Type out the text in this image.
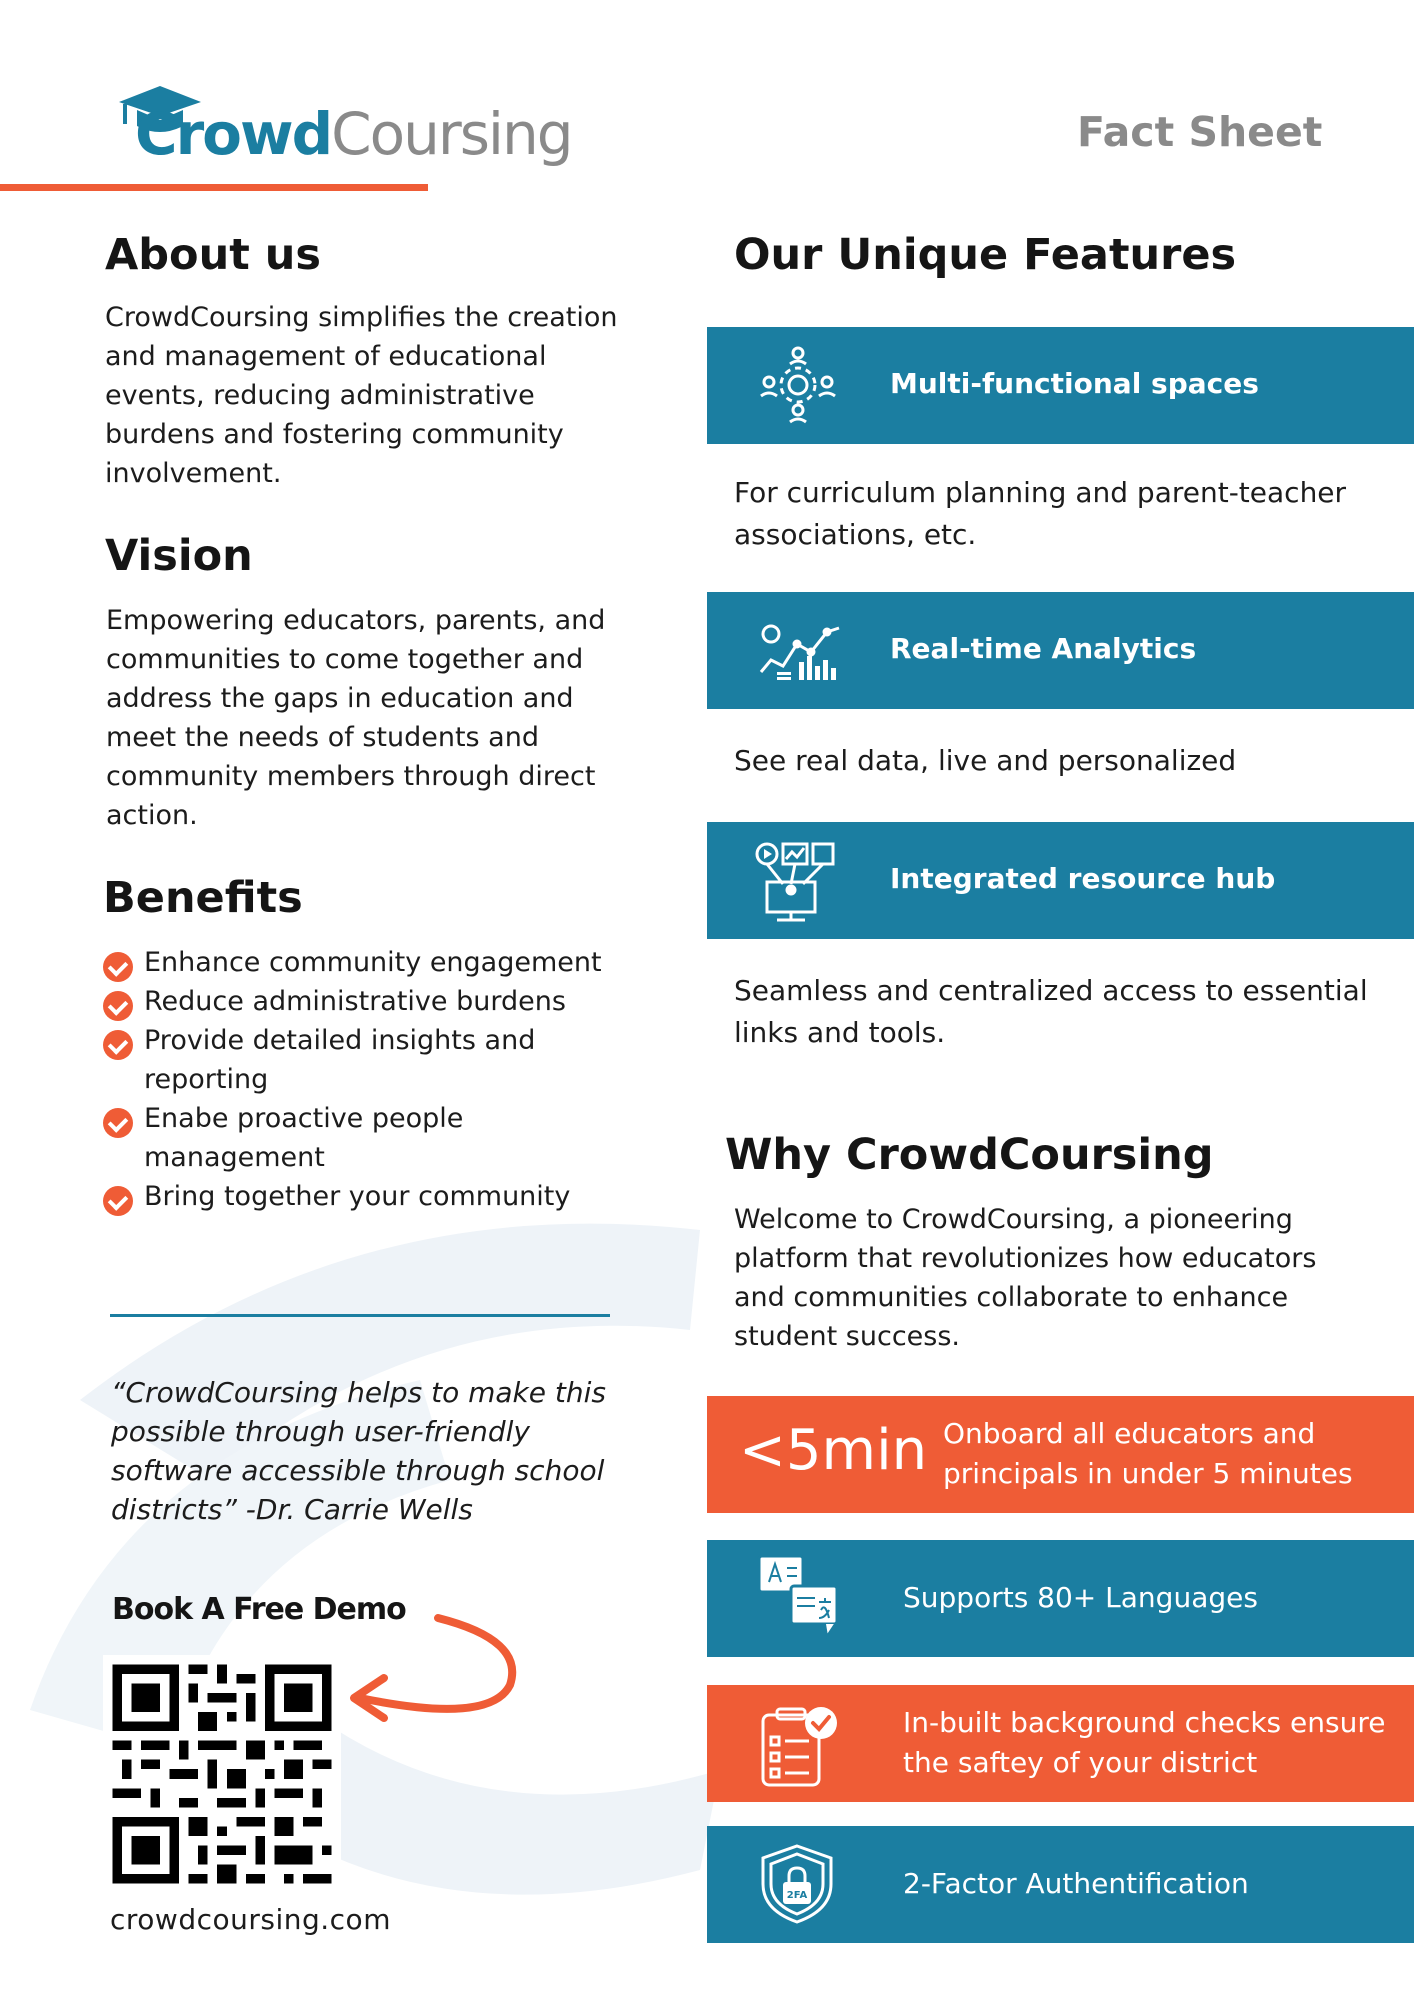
CrowdCoursing	Fact Sheet
About us
CrowdCoursing simplifies the creation and management of educational events, reducing administrative burdens and fostering community involvement.
Vision
Empowering educators, parents, and communities to come together and address the gaps in education and meet the needs of students and community members through direct action.
Benefits
Enhance community engagement
Reduce administrative burdens
Provide detailed insights and reporting
Enabe proactive people management
Bring together your community
“CrowdCoursing helps to make this possible through user-friendly software accessible through school districts” -Dr. Carrie Wells
Book A Free Demo
crowdcoursing.com
Our Unique Features
Multi-functional spaces
For curriculum planning and parent-teacher associations, etc.
Real-time Analytics
See real data, live and personalized
Integrated resource hub
Seamless and centralized access to essential links and tools.
Why CrowdCoursing
Welcome to CrowdCoursing, a pioneering platform that revolutionizes how educators and communities collaborate to enhance student success.
<5min Onboard all educators and principals in under 5 minutes
Supports 80+ Languages
In-built background checks ensure the saftey of your district
2FA	2-Factor Authentification
